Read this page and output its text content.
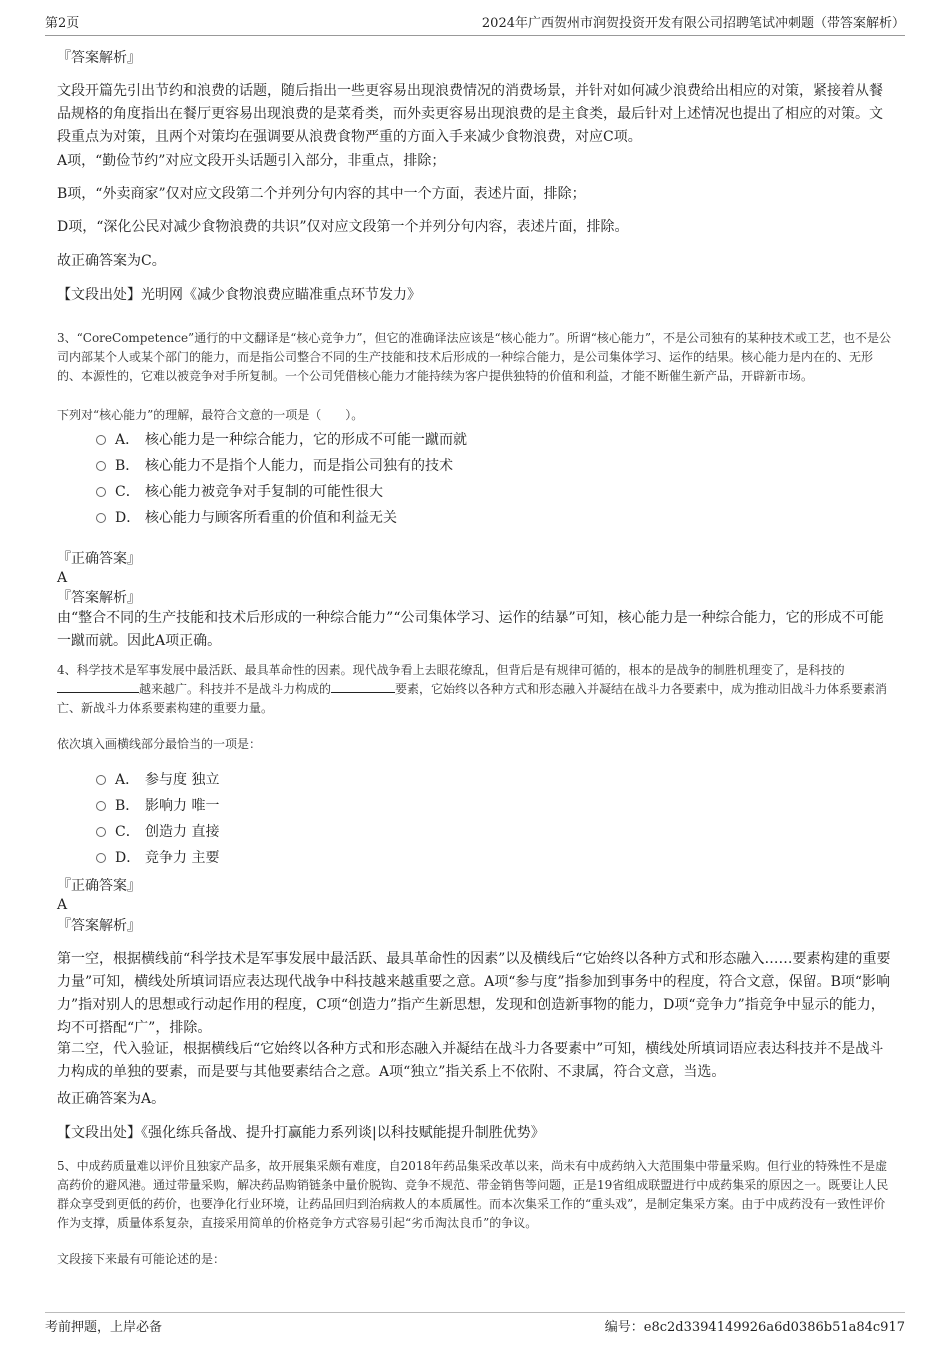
第2页	2024年广西贺州市润贺投资开发有限公司招聘笔试冲刺题（带答案解析）

『答案解析』

文段开篇先引出节约和浪费的话题，随后指出一些更容易出现浪费情况的消费场景，并针对如何减少浪费给出相应的对策，紧接着从餐品规格的角度指出在餐厅更容易出现浪费的是菜肴类，而外卖更容易出现浪费的是主食类，最后针对上述情况也提出了相应的对策。文段重点为对策，且两个对策均在强调要从浪费食物严重的方面入手来减少食物浪费，对应C项。

A项，“勤俭节约”对应文段开头话题引入部分，非重点，排除；

B项，“外卖商家”仅对应文段第二个并列分句内容的其中一个方面，表述片面，排除；

D项，“深化公民对减少食物浪费的共识”仅对应文段第一个并列分句内容，表述片面，排除。

故正确答案为C。

【文段出处】光明网《减少食物浪费应瞄准重点环节发力》

3、“CoreCompetence”通行的中文翻译是“核心竞争力”，但它的准确译法应该是“核心能力”。所谓“核心能力”，不是公司独有的某种技术或工艺，也不是公司内部某个人或某个部门的能力，而是指公司整合不同的生产技能和技术后形成的一种综合能力，是公司集体学习、运作的结果。核心能力是内在的、无形的、本源性的，它难以被竞争对手所复制。一个公司凭借核心能力才能持续为客户提供独特的价值和利益，才能不断催生新产品，开辟新市场。

下列对“核心能力”的理解，最符合文意的一项是（　　）。

A． 核心能力是一种综合能力，它的形成不可能一蹴而就
B． 核心能力不是指个人能力，而是指公司独有的技术
C． 核心能力被竞争对手复制的可能性很大
D． 核心能力与顾客所看重的价值和利益无关

『正确答案』

A

『答案解析』

由“整合不同的生产技能和技术后形成的一种综合能力”“公司集体学习、运作的结暴”可知，核心能力是一种综合能力，它的形成不可能一蹴而就。因此A项正确。

4、科学技术是军事发展中最活跃、最具革命性的因素。现代战争看上去眼花缭乱，但背后是有规律可循的，根本的是战争的制胜机理变了，是科技的越来越广。科技并不是战斗力构成的	要素，它始终以各种方式和形态融入并凝结在战斗力各要素中，成为推动旧战斗力体系要素消亡、新战斗力体系要素构建的重要力量。

依次填入画横线部分最恰当的一项是：

A． 参与度 独立
B． 影响力 唯一
C． 创造力 直接
D． 竞争力 主要

『正确答案』

A

『答案解析』

第一空，根据横线前“科学技术是军事发展中最活跃、最具革命性的因素”以及横线后“它始终以各种方式和形态融入……要素构建的重要力量”可知，横线处所填词语应表达现代战争中科技越来越重要之意。A项“参与度”指参加到事务中的程度，符合文意，保留。B项“影响力”指对别人的思想或行动起作用的程度，C项“创造力”指产生新思想，发现和创造新事物的能力，D项“竞争力”指竞争中显示的能力，均不可搭配“广”，排除。

第二空，代入验证，根据横线后“它始终以各种方式和形态融入并凝结在战斗力各要素中”可知，横线处所填词语应表达科技并不是战斗力构成的单独的要素，而是要与其他要素结合之意。A项“独立”指关系上不依附、不隶属，符合文意，当选。

故正确答案为A。

【文段出处】《强化练兵备战、提升打赢能力系列谈|以科技赋能提升制胜优势》

5、中成药质量难以评价且独家产品多，故开展集采颇有难度，自2018年药品集采改革以来，尚未有中成药纳入大范围集中带量采购。但行业的特殊性不是虚高药价的避风港。通过带量采购，解决药品购销链条中量价脱钩、竞争不规范、带金销售等问题，正是19省组成联盟进行中成药集采的原因之一。既要让人民群众享受到更低的药价，也要净化行业环境，让药品回归到治病救人的本质属性。而本次集采工作的“重头戏”，是制定集采方案。由于中成药没有一致性评价作为支撑，质量体系复杂，直接采用简单的价格竞争方式容易引起“劣币淘汰良币”的争议。

文段接下来最有可能论述的是：

考前押题，上岸必备	编号：e8c2d3394149926a6d0386b51a84c917
